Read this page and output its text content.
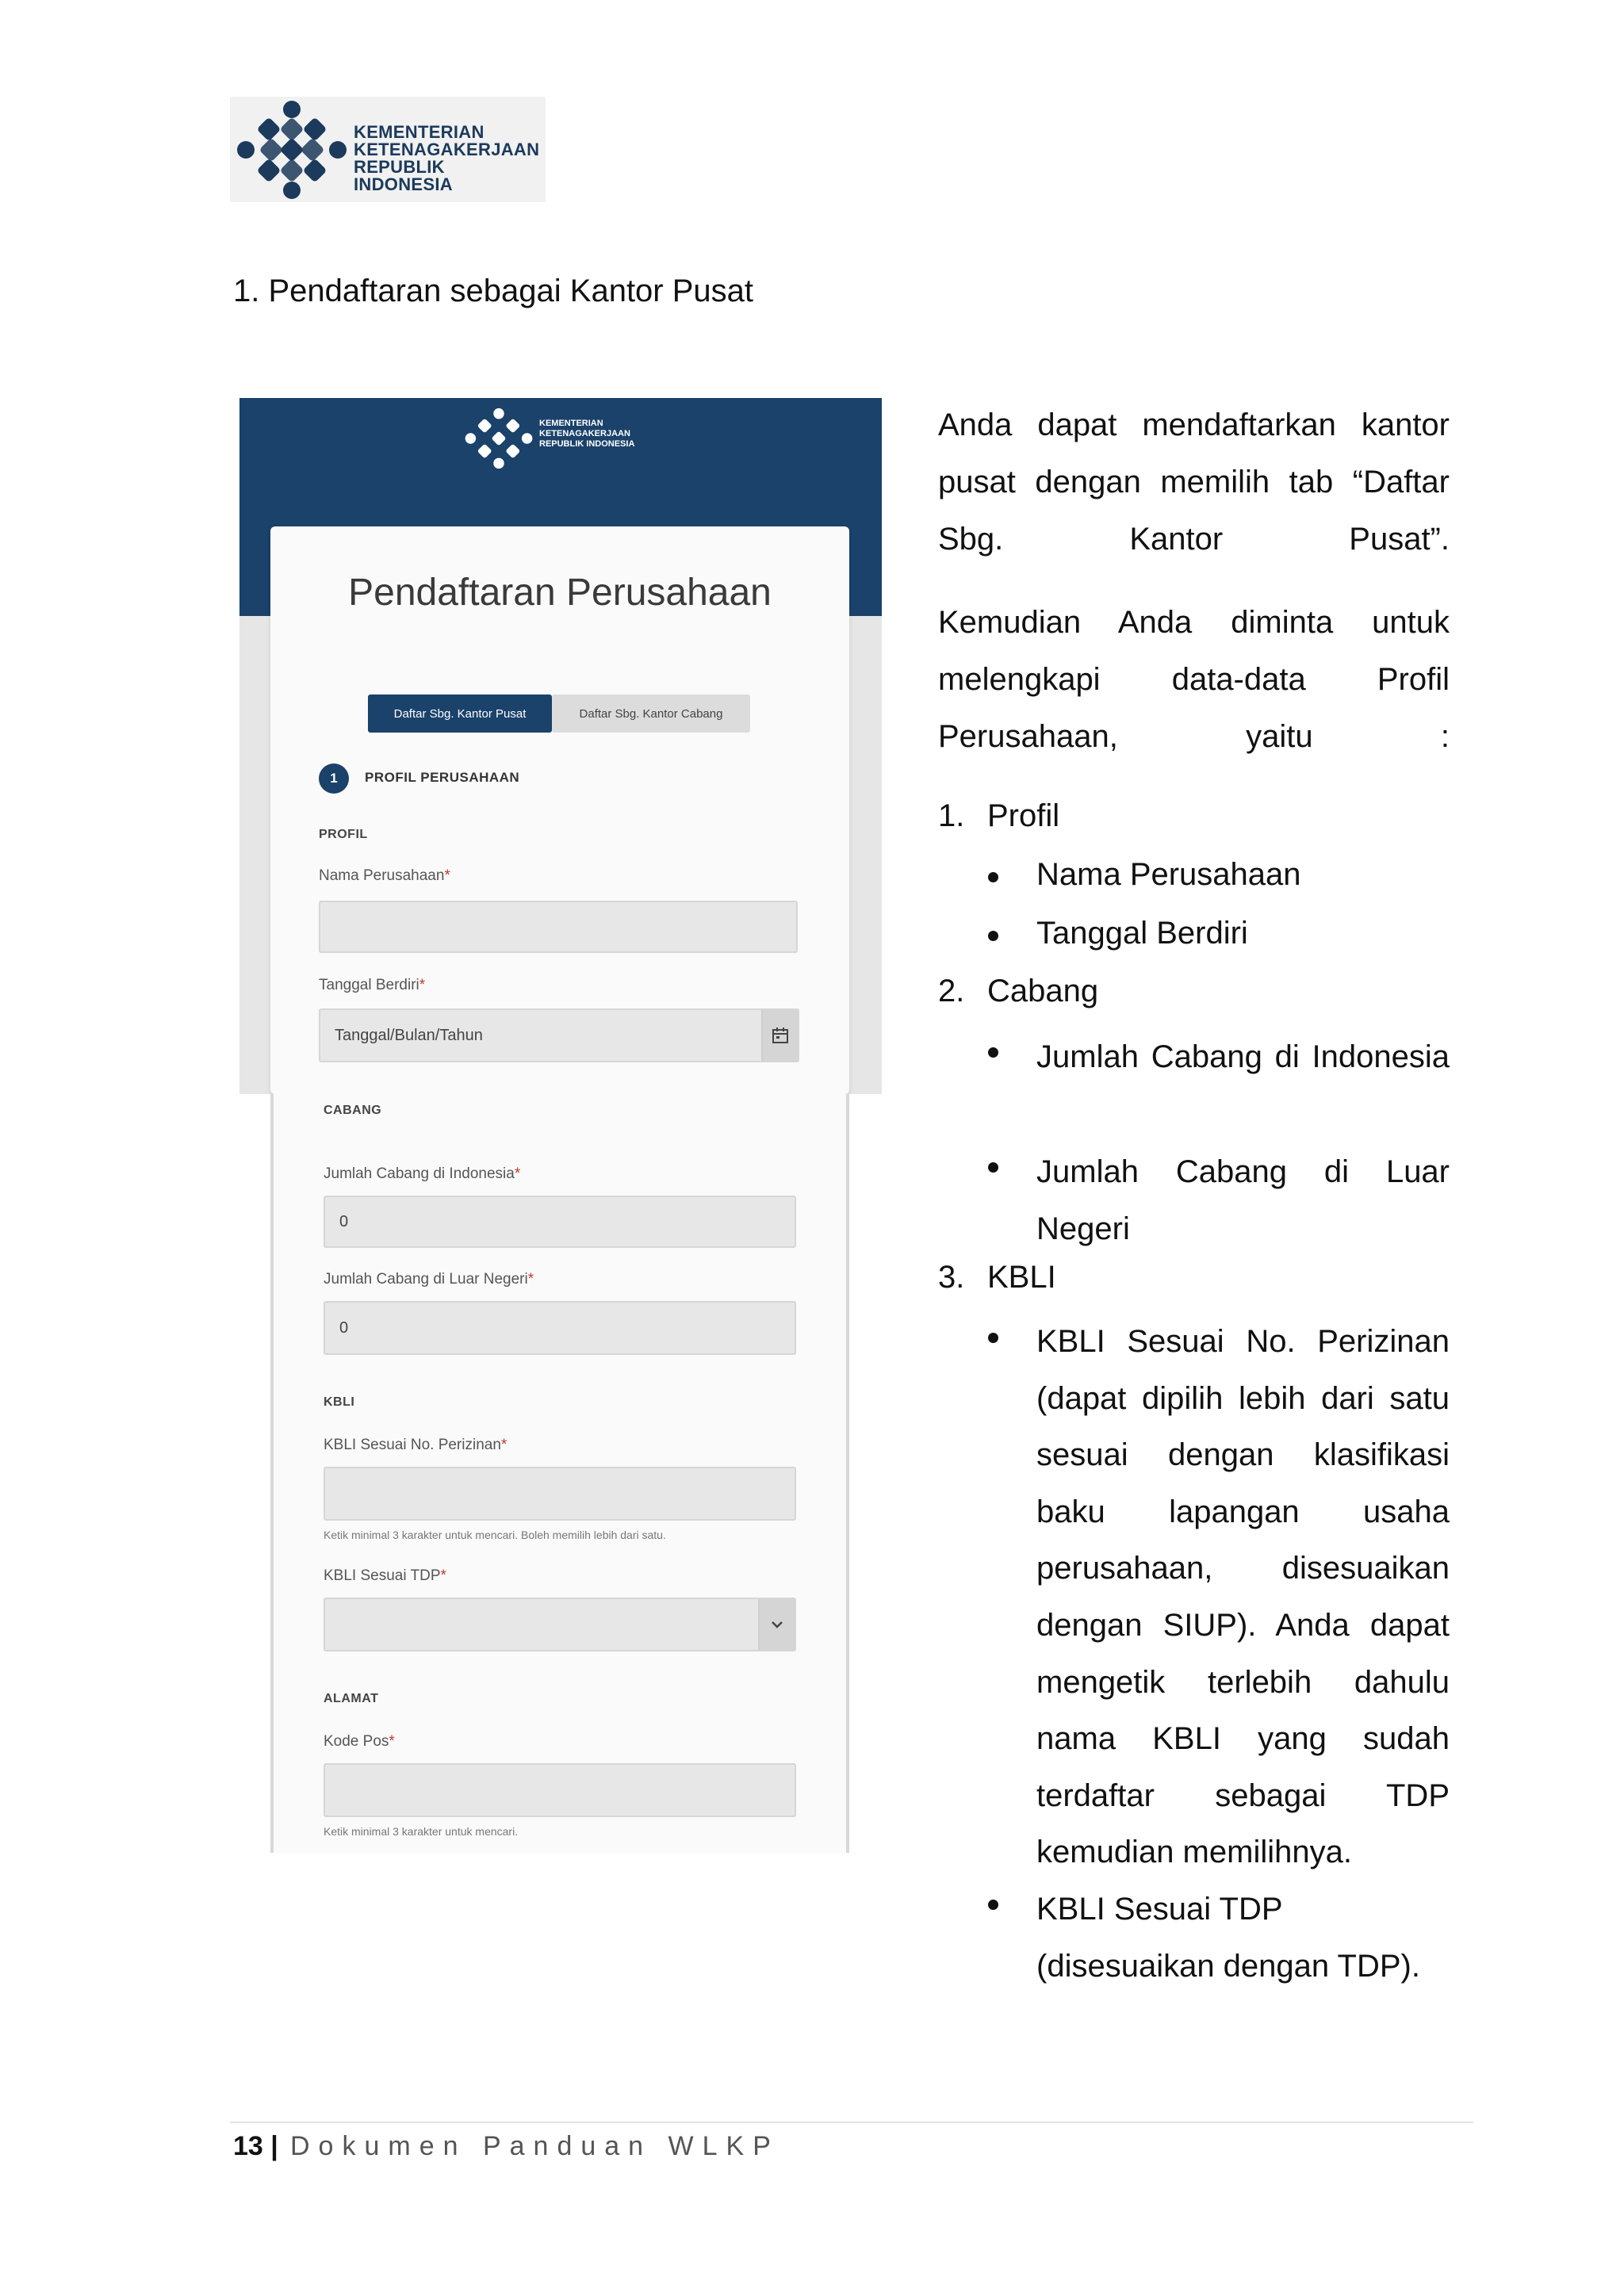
KEMENTERIAN
KETENAGAKERJAAN
REPUBLIK INDONESIA
1. Pendaftaran sebagai Kantor Pusat
KEMENTERIAN
KETENAGAKERJAAN
REPUBLIK INDONESIA
Pendaftaran Perusahaan
Daftar Sbg. Kantor Pusat	Daftar Sbg. Kantor Cabang
1	PROFIL PERUSAHAAN
PROFIL
Nama Perusahaan*
Tanggal Berdiri*
Tanggal/Bulan/Tahun
CABANG
Jumlah Cabang di Indonesia*
0
Jumlah Cabang di Luar Negeri*
0
KBLI
KBLI Sesuai No. Perizinan*
Ketik minimal 3 karakter untuk mencari. Boleh memilih lebih dari satu.
KBLI Sesuai TDP*
ALAMAT
Kode Pos*
Ketik minimal 3 karakter untuk mencari.
Anda dapat mendaftarkan kantor pusat dengan memilih tab “Daftar Sbg. Kantor Pusat”.
Kemudian Anda diminta untuk melengkapi data-data Profil Perusahaan, yaitu :
1. Profil
Nama Perusahaan
Tanggal Berdiri
2. Cabang
Jumlah Cabang di Indonesia
Jumlah Cabang di Luar Negeri
3. KBLI
KBLI Sesuai No. Perizinan (dapat dipilih lebih dari satu sesuai dengan klasifikasi baku lapangan usaha perusahaan, disesuaikan dengan SIUP). Anda dapat mengetik terlebih dahulu nama KBLI yang sudah terdaftar sebagai TDP kemudian memilihnya.
KBLI Sesuai TDP (disesuaikan dengan TDP).
13 | Dokumen Panduan WLKP
